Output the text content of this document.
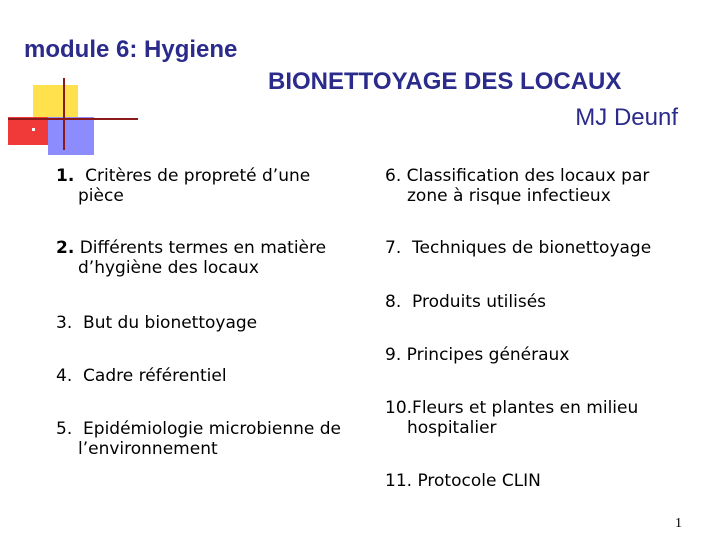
module 6: Hygiene
BIONETTOYAGE DES LOCAUX
MJ Deunf
1. Critères de propreté d’une
pièce
2. Différents termes en matière
d’hygiène des locaux
3. But du bionettoyage
4. Cadre référentiel
5. Epidémiologie microbienne de
l’environnement
6. Classification des locaux par
zone à risque infectieux
7. Techniques de bionettoyage
8. Produits utilisés
9. Principes généraux
10.Fleurs et plantes en milieu
hospitalier
11. Protocole CLIN
1
